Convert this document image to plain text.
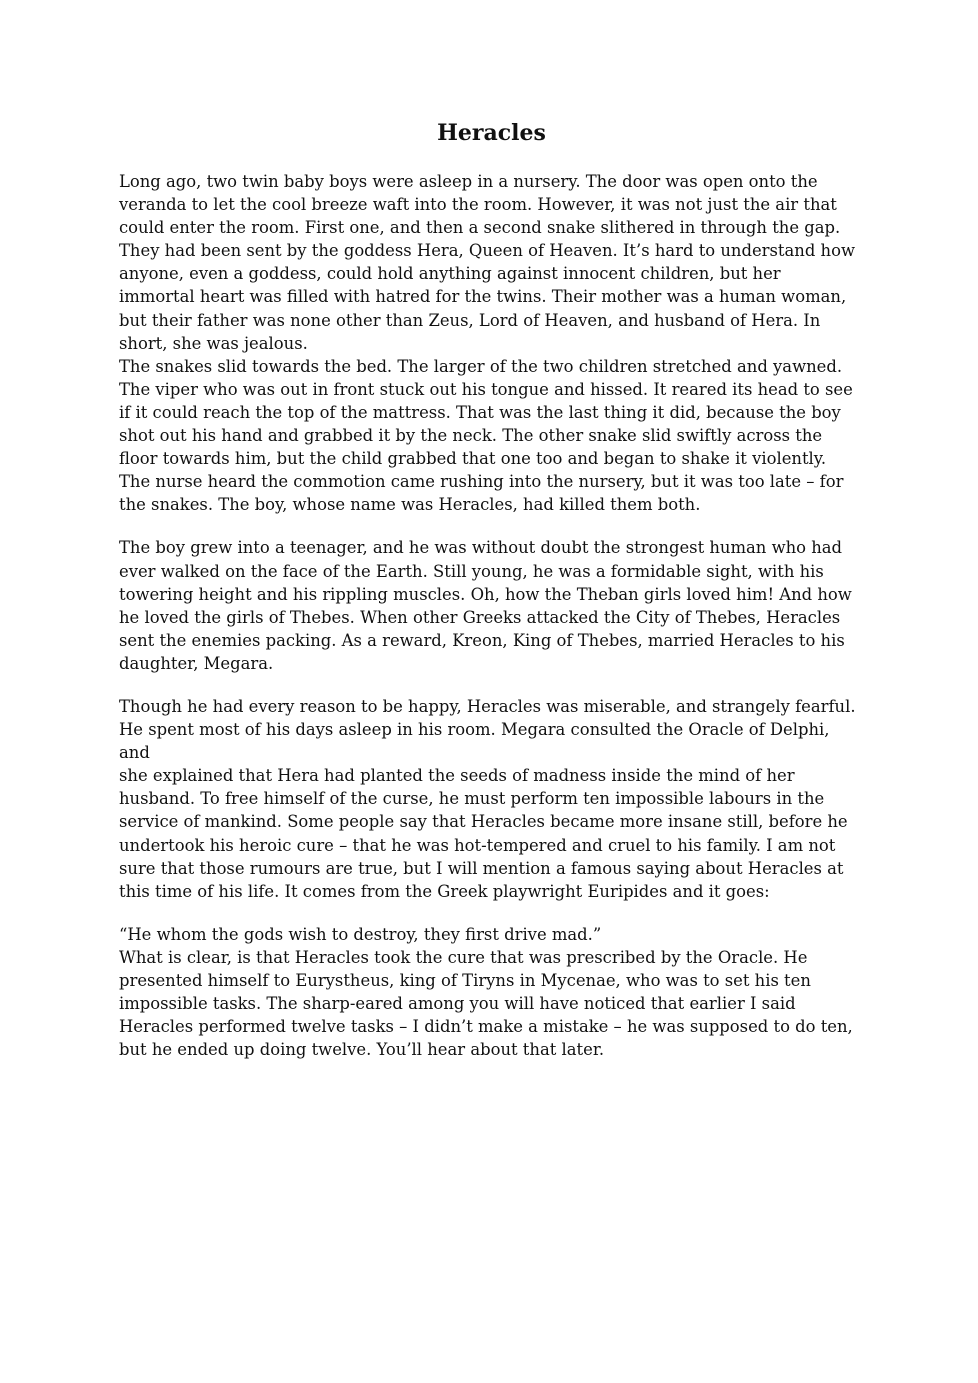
Heracles

Long ago, two twin baby boys were asleep in a nursery. The door was open onto the
veranda to let the cool breeze waft into the room. However, it was not just the air that
could enter the room. First one, and then a second snake slithered in through the gap.
They had been sent by the goddess Hera, Queen of Heaven. It’s hard to understand how
anyone, even a goddess, could hold anything against innocent children, but her
immortal heart was filled with hatred for the twins. Their mother was a human woman,
but their father was none other than Zeus, Lord of Heaven, and husband of Hera. In
short, she was jealous.

The snakes slid towards the bed. The larger of the two children stretched and yawned.
The viper who was out in front stuck out his tongue and hissed. It reared its head to see
if it could reach the top of the mattress. That was the last thing it did, because the boy
shot out his hand and grabbed it by the neck. The other snake slid swiftly across the
floor towards him, but the child grabbed that one too and began to shake it violently.
The nurse heard the commotion came rushing into the nursery, but it was too late – for
the snakes. The boy, whose name was Heracles, had killed them both.

The boy grew into a teenager, and he was without doubt the strongest human who had
ever walked on the face of the Earth. Still young, he was a formidable sight, with his
towering height and his rippling muscles. Oh, how the Theban girls loved him! And how
he loved the girls of Thebes. When other Greeks attacked the City of Thebes, Heracles
sent the enemies packing. As a reward, Kreon, King of Thebes, married Heracles to his
daughter, Megara.

Though he had every reason to be happy, Heracles was miserable, and strangely fearful.
He spent most of his days asleep in his room. Megara consulted the Oracle of Delphi, and
she explained that Hera had planted the seeds of madness inside the mind of her
husband. To free himself of the curse, he must perform ten impossible labours in the
service of mankind. Some people say that Heracles became more insane still, before he
undertook his heroic cure – that he was hot-tempered and cruel to his family. I am not
sure that those rumours are true, but I will mention a famous saying about Heracles at
this time of his life. It comes from the Greek playwright Euripides and it goes:

“He whom the gods wish to destroy, they first drive mad.”

What is clear, is that Heracles took the cure that was prescribed by the Oracle. He
presented himself to Eurystheus, king of Tiryns in Mycenae, who was to set his ten
impossible tasks. The sharp-eared among you will have noticed that earlier I said
Heracles performed twelve tasks – I didn’t make a mistake – he was supposed to do ten,
but he ended up doing twelve. You’ll hear about that later.
